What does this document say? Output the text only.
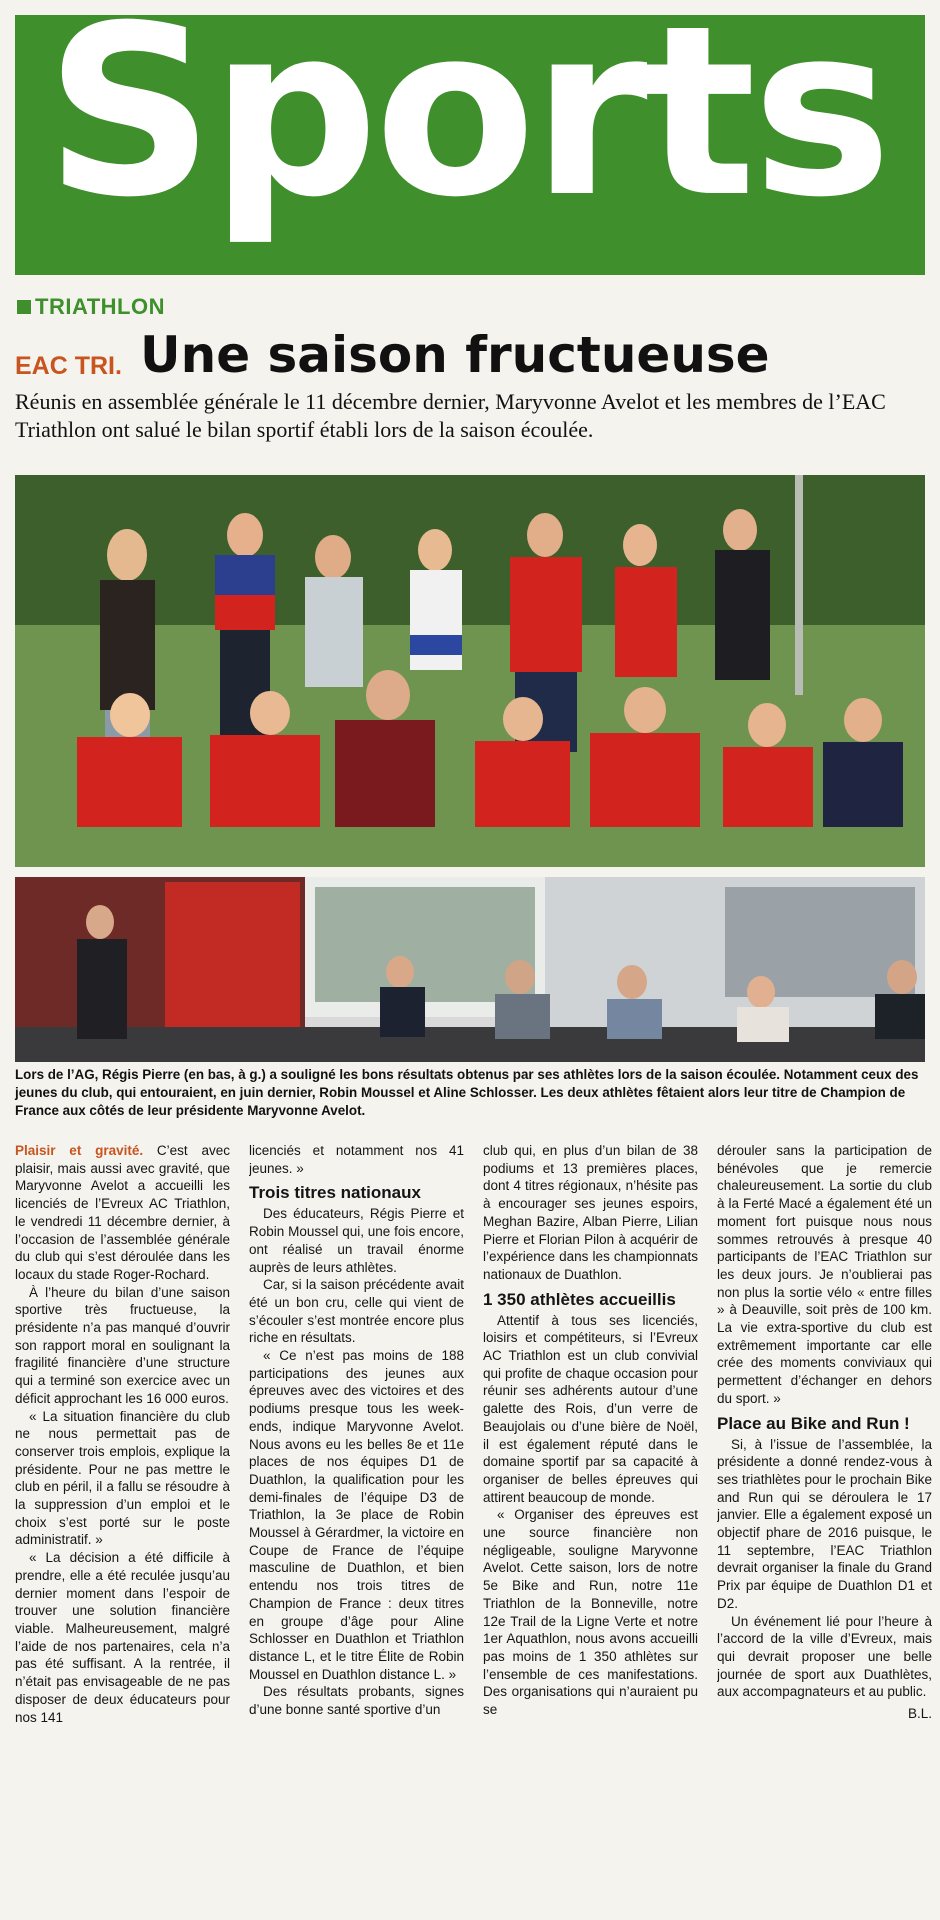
Sports
TRIATHLON
EAC TRI. Une saison fructueuse
Réunis en assemblée générale le 11 décembre dernier, Maryvonne Avelot et les membres de l’EAC Triathlon ont salué le bilan sportif établi lors de la saison écoulée.
Lors de l’AG, Régis Pierre (en bas, à g.) a souligné les bons résultats obtenus par ses athlètes lors de la saison écoulée. Notamment ceux des jeunes du club, qui entouraient, en juin dernier, Robin Moussel et Aline Schlosser. Les deux athlètes fêtaient alors leur titre de Champion de France aux côtés de leur présidente Maryvonne Avelot.

Plaisir et gravité. C’est avec plaisir, mais aussi avec gravité, que Maryvonne Avelot a accueilli les licenciés de l’Evreux AC Triathlon, le vendredi 11 décembre dernier, à l’occasion de l’assemblée générale du club qui s’est déroulée dans les locaux du stade Roger-Rochard.

À l’heure du bilan d’une saison sportive très fructueuse, la présidente n’a pas manqué d’ouvrir son rapport moral en soulignant la fragilité financière d’une structure qui a terminé son exercice avec un déficit approchant les 16 000 euros.

« La situation financière du club ne nous permettait pas de conserver trois emplois, explique la présidente. Pour ne pas mettre le club en péril, il a fallu se résoudre à la suppression d’un emploi et le choix s’est porté sur le poste administratif. »

« La décision a été difficile à prendre, elle a été reculée jusqu’au dernier moment dans l’espoir de trouver une solution financière viable. Malheureusement, malgré l’aide de nos partenaires, cela n’a pas été suffisant. A la rentrée, il n’était pas envisageable de ne pas disposer de deux éducateurs pour nos 141

licenciés et notamment nos 41 jeunes. »

Trois titres nationaux

Des éducateurs, Régis Pierre et Robin Moussel qui, une fois encore, ont réalisé un travail énorme auprès de leurs athlètes.

Car, si la saison précédente avait été un bon cru, celle qui vient de s’écouler s’est montrée encore plus riche en résultats.

« Ce n’est pas moins de 188 participations des jeunes aux épreuves avec des victoires et des podiums presque tous les week-ends, indique Maryvonne Avelot. Nous avons eu les belles 8e et 11e places de nos équipes D1 de Duathlon, la qualification pour les demi-finales de l’équipe D3 de Triathlon, la 3e place de Robin Moussel à Gérardmer, la victoire en Coupe de France de l’équipe masculine de Duathlon, et bien entendu nos trois titres de Champion de France : deux titres en groupe d’âge pour Aline Schlosser en Duathlon et Triathlon distance L, et le titre Élite de Robin Moussel en Duathlon distance L. »

Des résultats probants, signes d’une bonne santé sportive d’un

club qui, en plus d’un bilan de 38 podiums et 13 premières places, dont 4 titres régionaux, n’hésite pas à encourager ses jeunes espoirs, Meghan Bazire, Alban Pierre, Lilian Pierre et Florian Pilon à acquérir de l’expérience dans les championnats nationaux de Duathlon.

1 350 athlètes accueillis

Attentif à tous ses licenciés, loisirs et compétiteurs, si l’Evreux AC Triathlon est un club convivial qui profite de chaque occasion pour réunir ses adhérents autour d’une galette des Rois, d’un verre de Beaujolais ou d’une bière de Noël, il est également réputé dans le domaine sportif par sa capacité à organiser de belles épreuves qui attirent beaucoup de monde.

« Organiser des épreuves est une source financière non négligeable, souligne Maryvonne Avelot. Cette saison, lors de notre 5e Bike and Run, notre 11e Triathlon de la Bonneville, notre 12e Trail de la Ligne Verte et notre 1er Aquathlon, nous avons accueilli pas moins de 1 350 athlètes sur l’ensemble de ces manifestations. Des organisations qui n’auraient pu se

dérouler sans la participation de bénévoles que je remercie chaleureusement. La sortie du club à la Ferté Macé a également été un moment fort puisque nous nous sommes retrouvés à presque 40 participants de l’EAC Triathlon sur les deux jours. Je n’oublierai pas non plus la sortie vélo « entre filles » à Deauville, soit près de 100 km. La vie extra-sportive du club est extrêmement importante car elle crée des moments conviviaux qui permettent d’échanger en dehors du sport. »

Place au Bike and Run !

Si, à l’issue de l’assemblée, la présidente a donné rendez-vous à ses triathlètes pour le prochain Bike and Run qui se déroulera le 17 janvier. Elle a également exposé un objectif phare de 2016 puisque, le 11 septembre, l’EAC Triathlon devrait organiser la finale du Grand Prix par équipe de Duathlon D1 et D2.

Un événement lié pour l’heure à l’accord de la ville d’Evreux, mais qui devrait proposer une belle journée de sport aux Duathlètes, aux accompagnateurs et au public.

B.L.
